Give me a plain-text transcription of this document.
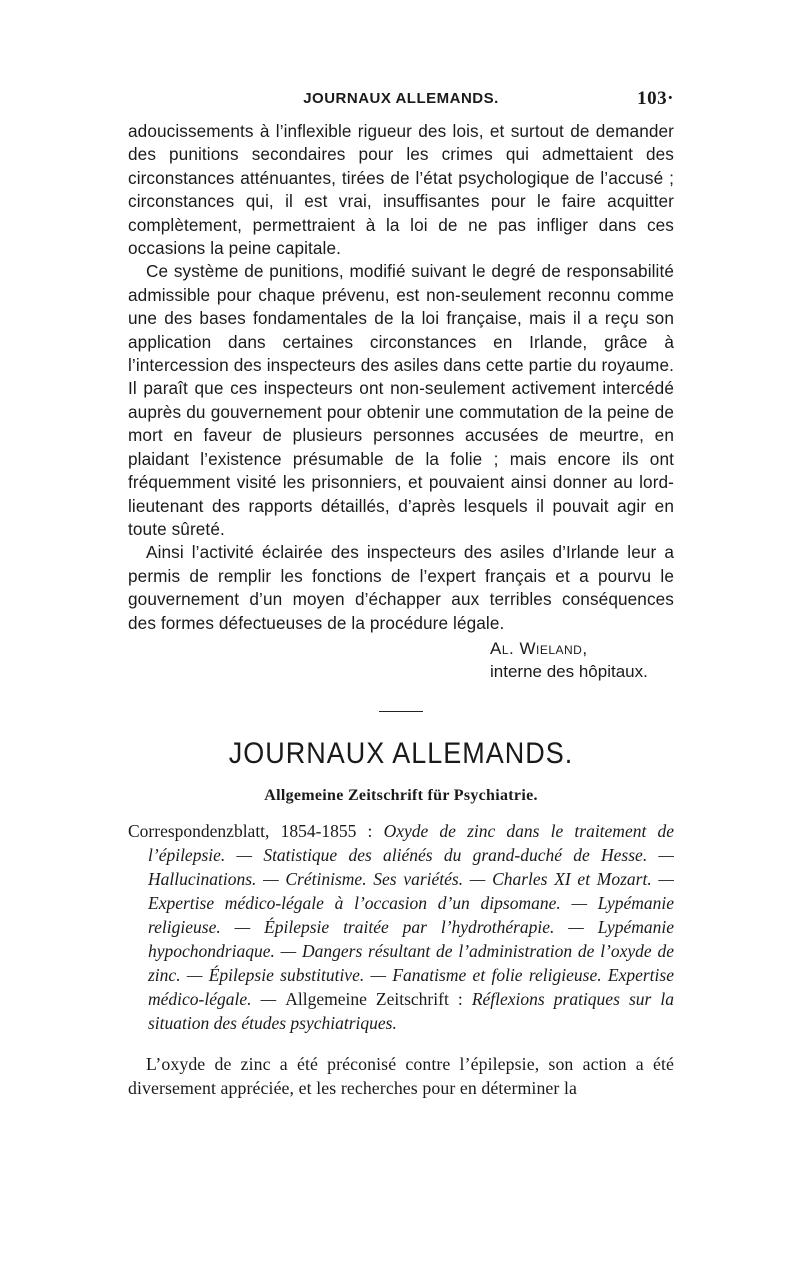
JOURNAUX ALLEMANDS.	103·

adoucissements à l’inflexible rigueur des lois, et surtout de demander des punitions secondaires pour les crimes qui admettaient des circonstances atténuantes, tirées de l’état psychologique de l’accusé ; circonstances qui, il est vrai, insuffisantes pour le faire acquitter complètement, permettraient à la loi de ne pas infliger dans ces occasions la peine capitale.

Ce système de punitions, modifié suivant le degré de responsabilité admissible pour chaque prévenu, est non-seulement reconnu comme une des bases fondamentales de la loi française, mais il a reçu son application dans certaines circonstances en Irlande, grâce à l’intercession des inspecteurs des asiles dans cette partie du royaume. Il paraît que ces inspecteurs ont non-seulement activement intercédé auprès du gouvernement pour obtenir une commutation de la peine de mort en faveur de plusieurs personnes accusées de meurtre, en plaidant l’existence présumable de la folie ; mais encore ils ont fréquemment visité les prisonniers, et pouvaient ainsi donner au lord-lieutenant des rapports détaillés, d’après lesquels il pouvait agir en toute sûreté.

Ainsi l’activité éclairée des inspecteurs des asiles d’Irlande leur a permis de remplir les fonctions de l’expert français et a pourvu le gouvernement d’un moyen d’échapper aux terribles conséquences des formes défectueuses de la procédure légale.

Al. Wieland,
interne des hôpitaux.
JOURNAUX ALLEMANDS.
Allgemeine Zeitschrift für Psychiatrie.

Correspondenzblatt, 1854-1855 : Oxyde de zinc dans le traitement de l’épilepsie. — Statistique des aliénés du grand-duché de Hesse. — Hallucinations. — Crétinisme. Ses variétés. — Charles XI et Mozart. — Expertise médico-légale à l’occasion d’un dipsomane. — Lypémanie religieuse. — Épilepsie traitée par l’hydrothérapie. — Lypémanie hypochondriaque. — Dangers résultant de l’administration de l’oxyde de zinc. — Épilepsie substitutive. — Fanatisme et folie religieuse. Expertise médico-légale. — Allgemeine Zeitschrift : Réflexions pratiques sur la situation des études psychiatriques.

L’oxyde de zinc a été préconisé contre l’épilepsie, son action a été diversement appréciée, et les recherches pour en déterminer la
